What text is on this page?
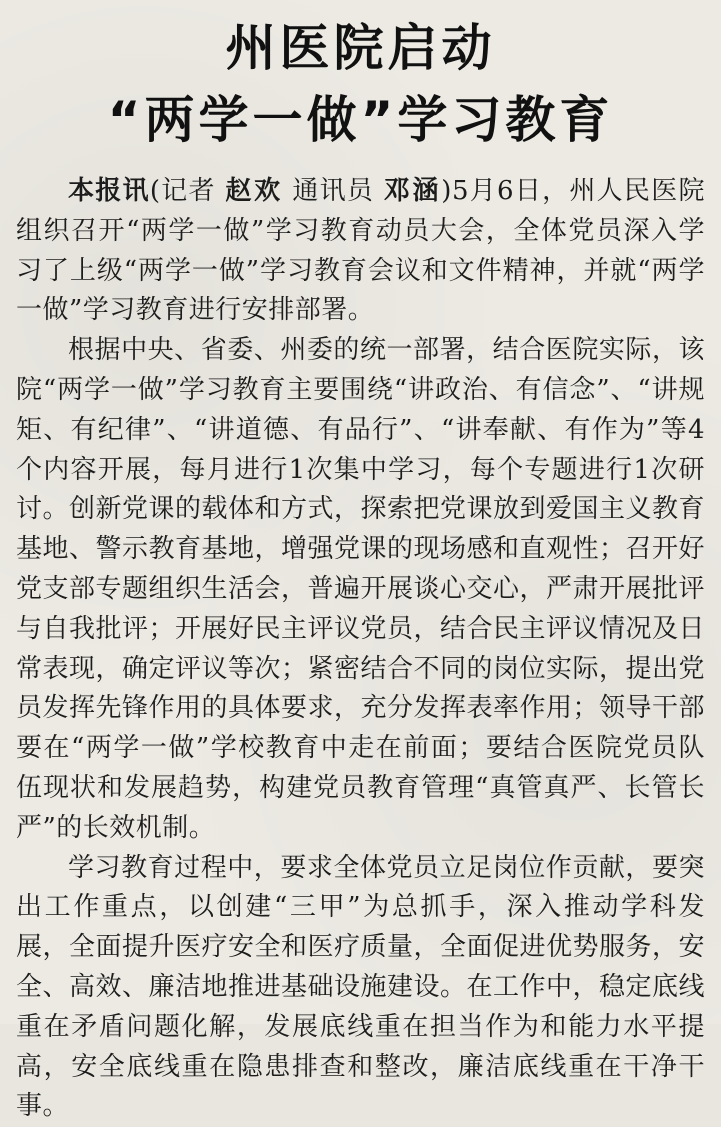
州医院启动
“两学一做”学习教育

本报讯(记者 赵欢 通讯员 邓涵)5月6日，州人民医院组织召开“两学一做”学习教育动员大会，全体党员深入学习了上级“两学一做”学习教育会议和文件精神，并就“两学一做”学习教育进行安排部署。

根据中央、省委、州委的统一部署，结合医院实际，该院“两学一做”学习教育主要围绕“讲政治、有信念”、“讲规矩、有纪律”、“讲道德、有品行”、“讲奉献、有作为”等4个内容开展，每月进行1次集中学习，每个专题进行1次研讨。创新党课的载体和方式，探索把党课放到爱国主义教育基地、警示教育基地，增强党课的现场感和直观性；召开好党支部专题组织生活会，普遍开展谈心交心，严肃开展批评与自我批评；开展好民主评议党员，结合民主评议情况及日常表现，确定评议等次；紧密结合不同的岗位实际，提出党员发挥先锋作用的具体要求，充分发挥表率作用；领导干部要在“两学一做”学校教育中走在前面；要结合医院党员队伍现状和发展趋势，构建党员教育管理“真管真严、长管长严”的长效机制。

学习教育过程中，要求全体党员立足岗位作贡献，要突出工作重点，以创建“三甲”为总抓手，深入推动学科发展，全面提升医疗安全和医疗质量，全面促进优势服务，安全、高效、廉洁地推进基础设施建设。在工作中，稳定底线重在矛盾问题化解，发展底线重在担当作为和能力水平提高，安全底线重在隐患排查和整改，廉洁底线重在干净干事。
